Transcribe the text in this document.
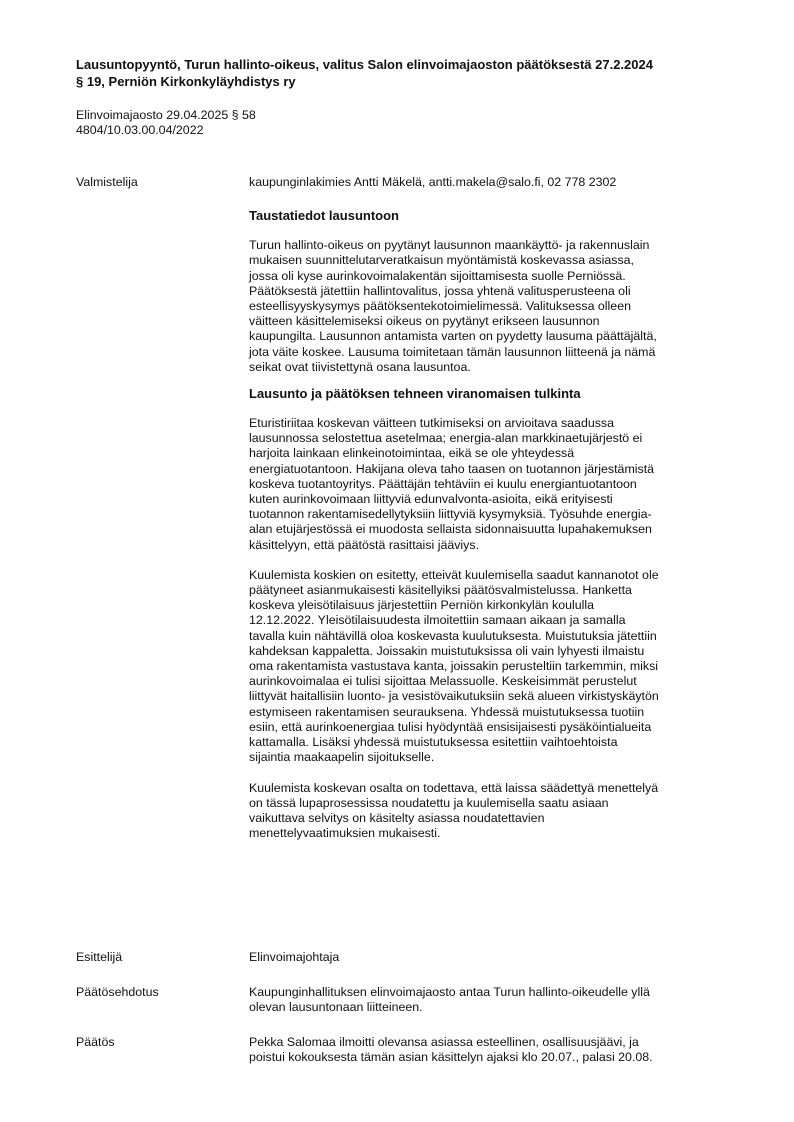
Lausuntopyyntö, Turun hallinto-oikeus, valitus Salon elinvoimajaoston päätöksestä 27.2.2024
§ 19, Perniön Kirkonkyläyhdistys ry
Elinvoimajaosto 29.04.2025 § 58
4804/10.03.00.04/2022
Valmistelija	kaupunginlakimies Antti Mäkelä, antti.makela@salo.fi, 02 778 2302

Taustatiedot lausuntoon

Turun hallinto-oikeus on pyytänyt lausunnon maankäyttö- ja rakennuslain
mukaisen suunnittelutarveratkaisun myöntämistä koskevassa asiassa,
jossa oli kyse aurinkovoimalakentän sijoittamisesta suolle Perniössä.
Päätöksestä jätettiin hallintovalitus, jossa yhtenä valitusperusteena oli
esteellisyyskysymys päätöksentekotoimielimessä. Valituksessa olleen
väitteen käsittelemiseksi oikeus on pyytänyt erikseen lausunnon
kaupungilta. Lausunnon antamista varten on pyydetty lausuma päättäjältä,
jota väite koskee. Lausuma toimitetaan tämän lausunnon liitteenä ja nämä
seikat ovat tiivistettynä osana lausuntoa.

Lausunto ja päätöksen tehneen viranomaisen tulkinta

Eturistiriitaa koskevan väitteen tutkimiseksi on arvioitava saadussa
lausunnossa selostettua asetelmaa; energia-alan markkinaetujärjestö ei
harjoita lainkaan elinkeinotoimintaa, eikä se ole yhteydessä
energiatuotantoon. Hakijana oleva taho taasen on tuotannon järjestämistä
koskeva tuotantoyritys. Päättäjän tehtäviin ei kuulu energiantuotantoon
kuten aurinkovoimaan liittyviä edunvalvonta-asioita, eikä erityisesti
tuotannon rakentamisedellytyksiin liittyviä kysymyksiä. Työsuhde energia-
alan etujärjestössä ei muodosta sellaista sidonnaisuutta lupahakemuksen
käsittelyyn, että päätöstä rasittaisi jääviys.

Kuulemista koskien on esitetty, etteivät kuulemisella saadut kannanotot ole
päätyneet asianmukaisesti käsitellyiksi päätösvalmistelussa. Hanketta
koskeva yleisötilaisuus järjestettiin Perniön kirkonkylän koululla
12.12.2022. Yleisötilaisuudesta ilmoitettiin samaan aikaan ja samalla
tavalla kuin nähtävillä oloa koskevasta kuulutuksesta. Muistutuksia jätettiin
kahdeksan kappaletta. Joissakin muistutuksissa oli vain lyhyesti ilmaistu
oma rakentamista vastustava kanta, joissakin perusteltiin tarkemmin, miksi
aurinkovoimalaa ei tulisi sijoittaa Melassuolle. Keskeisimmät perustelut
liittyvät haitallisiin luonto- ja vesistövaikutuksiin sekä alueen virkistyskäytön
estymiseen rakentamisen seurauksena. Yhdessä muistutuksessa tuotiin
esiin, että aurinkoenergiaa tulisi hyödyntää ensisijaisesti pysäköintialueita
kattamalla. Lisäksi yhdessä muistutuksessa esitettiin vaihtoehtoista
sijaintia maakaapelin sijoitukselle.

Kuulemista koskevan osalta on todettava, että laissa säädettyä menettelyä
on tässä lupaprosessissa noudatettu ja kuulemisella saatu asiaan
vaikuttava selvitys on käsitelty asiassa noudatettavien
menettelyvaatimuksien mukaisesti.

Esittelijä	Elinvoimajohtaja
Päätösehdotus	Kaupunginhallituksen elinvoimajaosto antaa Turun hallinto-oikeudelle yllä
olevan lausuntonaan liitteineen.
Päätös	Pekka Salomaa ilmoitti olevansa asiassa esteellinen, osallisuusjäävi, ja
poistui kokouksesta tämän asian käsittelyn ajaksi klo 20.07., palasi 20.08.
